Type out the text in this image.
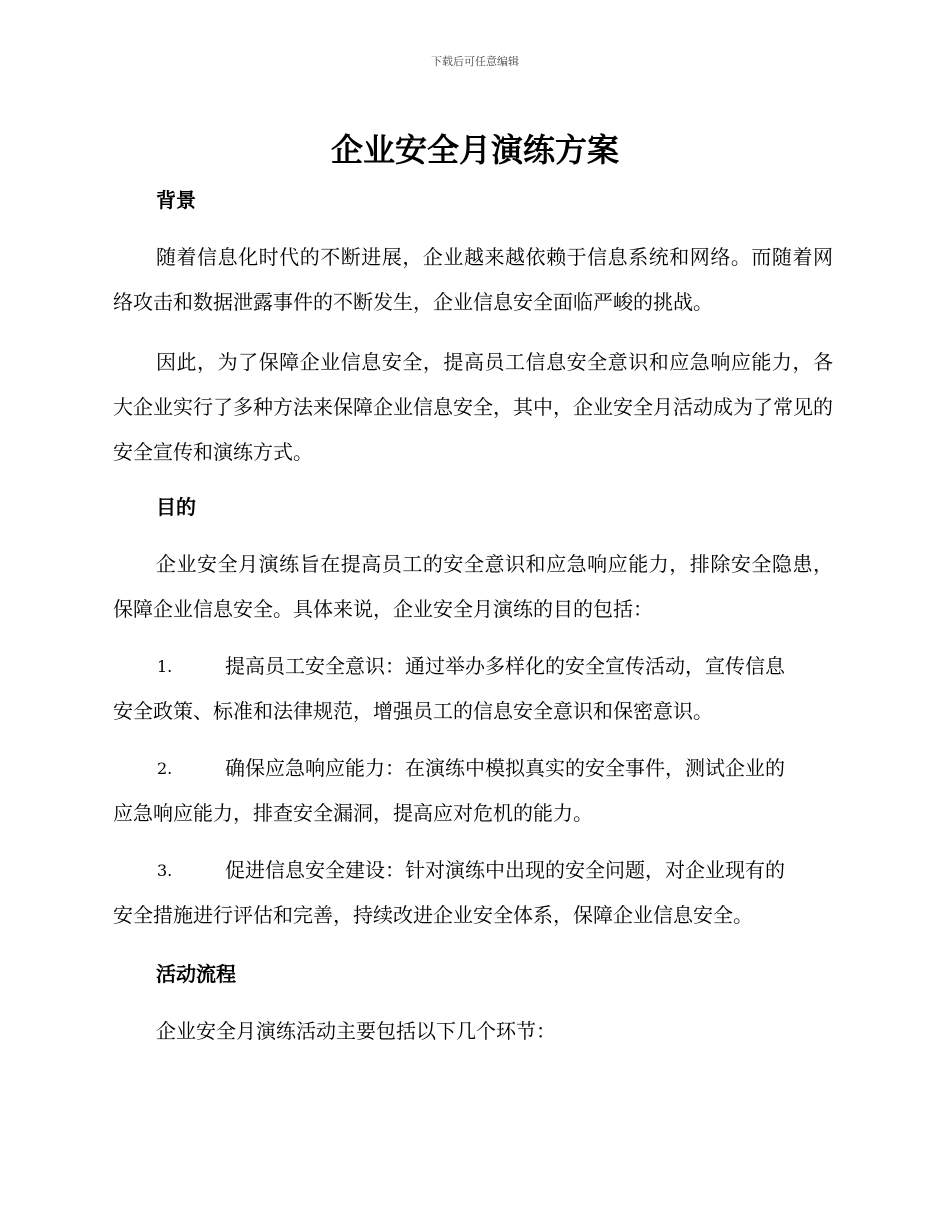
下载后可任意编辑
企业安全月演练方案
背景

随着信息化时代的不断进展，企业越来越依赖于信息系统和网络。而随着网络攻击和数据泄露事件的不断发生，企业信息安全面临严峻的挑战。

因此，为了保障企业信息安全，提高员工信息安全意识和应急响应能力，各大企业实行了多种方法来保障企业信息安全，其中，企业安全月活动成为了常见的安全宣传和演练方式。

目的

企业安全月演练旨在提高员工的安全意识和应急响应能力，排除安全隐患，保障企业信息安全。具体来说，企业安全月演练的目的包括：

1.	提高员工安全意识：通过举办多样化的安全宣传活动，宣传信息
安全政策、标准和法律规范，增强员工的信息安全意识和保密意识。
2.	确保应急响应能力：在演练中模拟真实的安全事件，测试企业的
应急响应能力，排查安全漏洞，提高应对危机的能力。
3.	促进信息安全建设：针对演练中出现的安全问题，对企业现有的
安全措施进行评估和完善，持续改进企业安全体系，保障企业信息安全。
活动流程

企业安全月演练活动主要包括以下几个环节：
